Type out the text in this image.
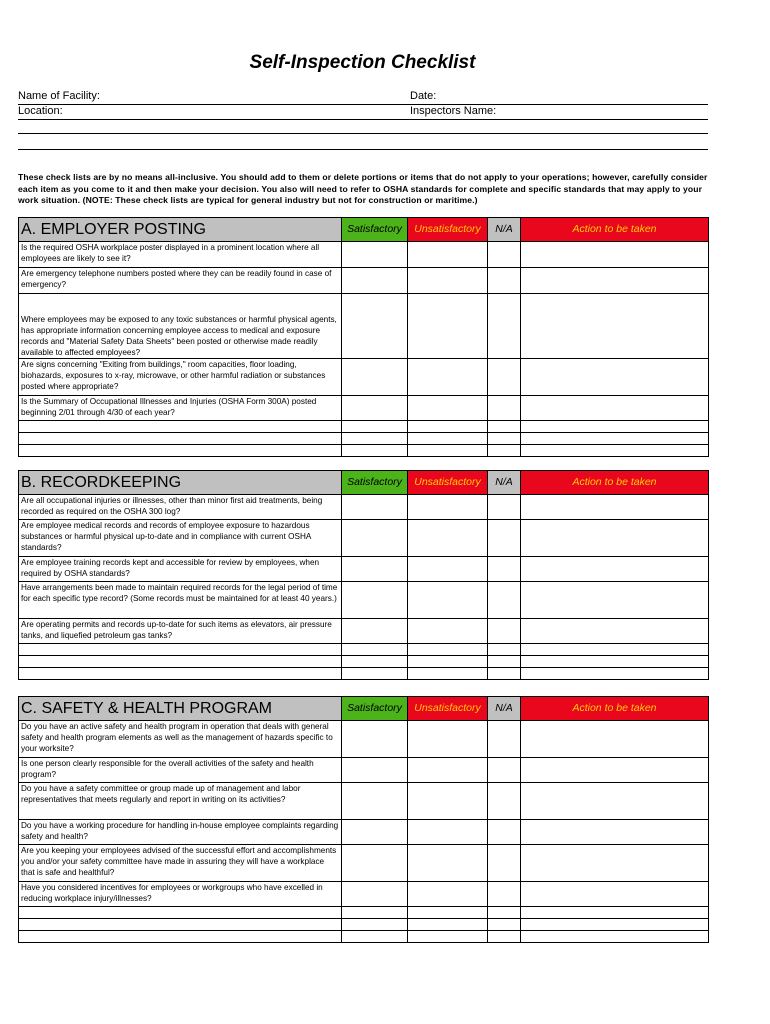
Self-Inspection Checklist
Name of Facility:	Date:
Location:	Inspectors Name:
These check lists are by no means all-inclusive. You should add to them or delete portions or items that do not apply to your operations; however, carefully consider each item as you come to it and then make your decision. You also will need to refer to OSHA standards for complete and specific standards that may apply to your work situation. (NOTE: These check lists are typical for general industry but not for construction or maritime.)
A. EMPLOYER POSTING	Satisfactory	Unsatisfactory	N/A	Action to be taken
Is the required OSHA workplace poster displayed in a prominent location where all employees are likely to see it?				
Are emergency telephone numbers posted where they can be readily found in case of emergency?				
Where employees may be exposed to any toxic substances or harmful physical agents, has appropriate information concerning employee access to medical and exposure records and "Material Safety Data Sheets" been posted or otherwise made readily available to affected employees?				
Are signs concerning "Exiting from buildings," room capacities, floor loading, biohazards, exposures to x-ray, microwave, or other harmful radiation or substances posted where appropriate?				
Is the Summary of Occupational Illnesses and Injuries (OSHA Form 300A) posted beginning 2/01 through 4/30 of each year?				

B. RECORDKEEPING	Satisfactory	Unsatisfactory	N/A	Action to be taken
Are all occupational injuries or illnesses, other than minor first aid treatments, being recorded as required on the OSHA 300 log?				
Are employee medical records and records of employee exposure to hazardous substances or harmful physical up-to-date and in compliance with current OSHA standards?				
Are employee training records kept and accessible for review by employees, when required by OSHA standards?				
Have arrangements been made to maintain required records for the legal period of time for each specific type record? (Some records must be maintained for at least 40 years.)				
Are operating permits and records up-to-date for such items as elevators, air pressure tanks, and liquefied petroleum gas tanks?				

C. SAFETY & HEALTH PROGRAM	Satisfactory	Unsatisfactory	N/A	Action to be taken
Do you have an active safety and health program in operation that deals with general safety and health program elements as well as the management of hazards specific to your worksite?				
Is one person clearly responsible for the overall activities of the safety and health program?				
Do you have a safety committee or group made up of management and labor representatives that meets regularly and report in writing on its activities?				
Do you have a working procedure for handling in-house employee complaints regarding safety and health?				
Are you keeping your employees advised of the successful effort and accomplishments you and/or your safety committee have made in assuring they will have a workplace that is safe and healthful?				
Have you considered incentives for employees or workgroups who have excelled in reducing workplace injury/illnesses?				
